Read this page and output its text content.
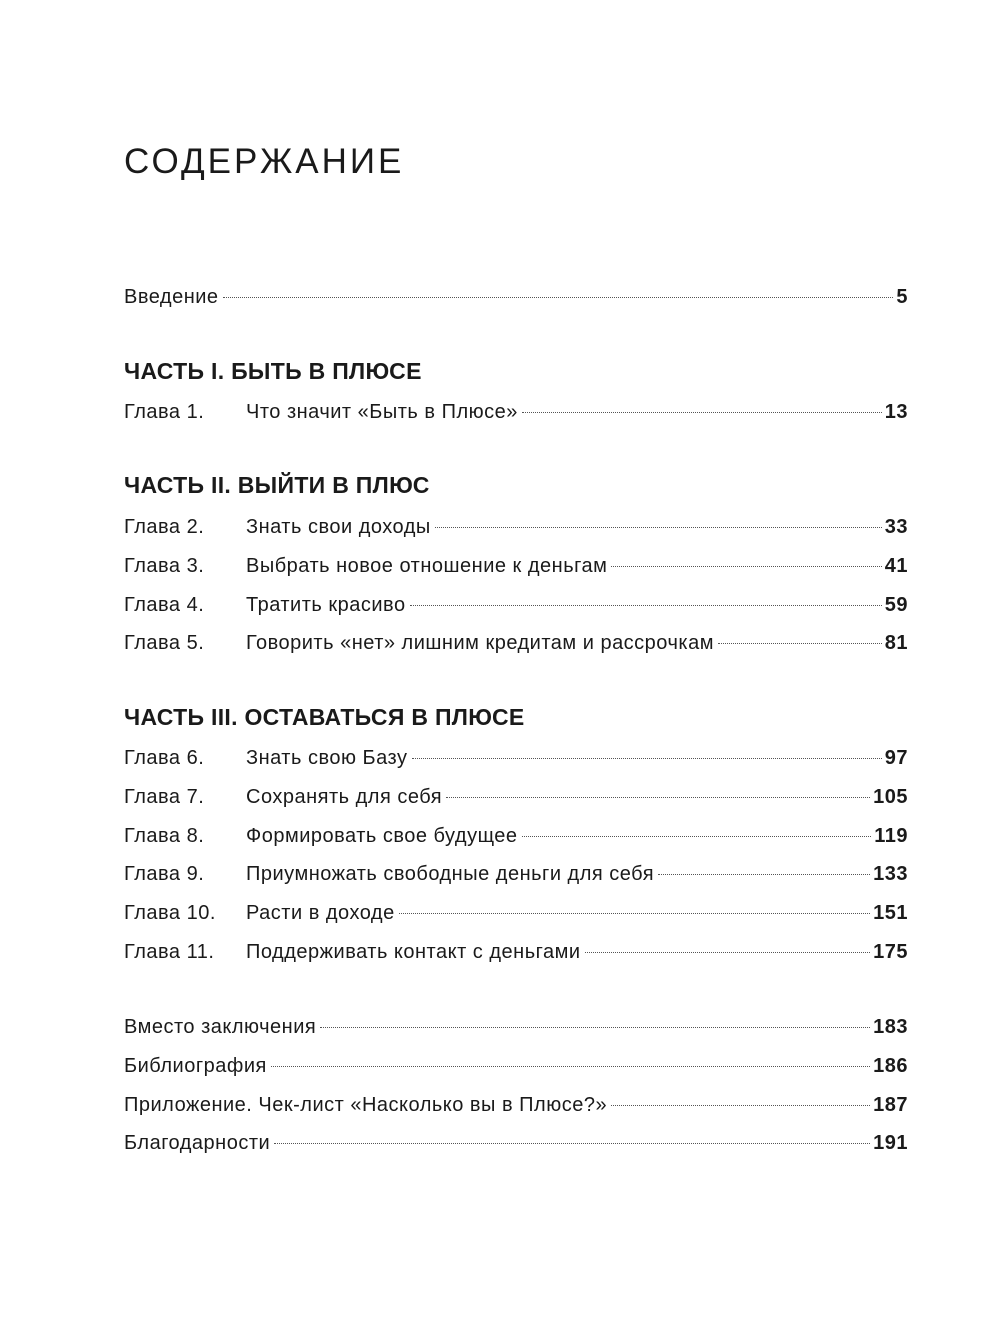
СОДЕРЖАНИЕ
Введение	5
ЧАСТЬ I. БЫТЬ В ПЛЮСЕ
Глава 1.	Что значит «Быть в Плюсе»	13
ЧАСТЬ II. ВЫЙТИ В ПЛЮС
Глава 2.	Знать свои доходы	33
Глава 3.	Выбрать новое отношение к деньгам	41
Глава 4.	Тратить красиво	59
Глава 5.	Говорить «нет» лишним кредитам и рассрочкам	81
ЧАСТЬ III. ОСТАВАТЬСЯ В ПЛЮСЕ
Глава 6.	Знать свою Базу	97
Глава 7.	Сохранять для себя	105
Глава 8.	Формировать свое будущее	119
Глава 9.	Приумножать свободные деньги для себя	133
Глава 10.	Расти в доходе	151
Глава 11.	Поддерживать контакт с деньгами	175
Вместо заключения	183
Библиография	186
Приложение. Чек-лист «Насколько вы в Плюсе?»	187
Благодарности	191
